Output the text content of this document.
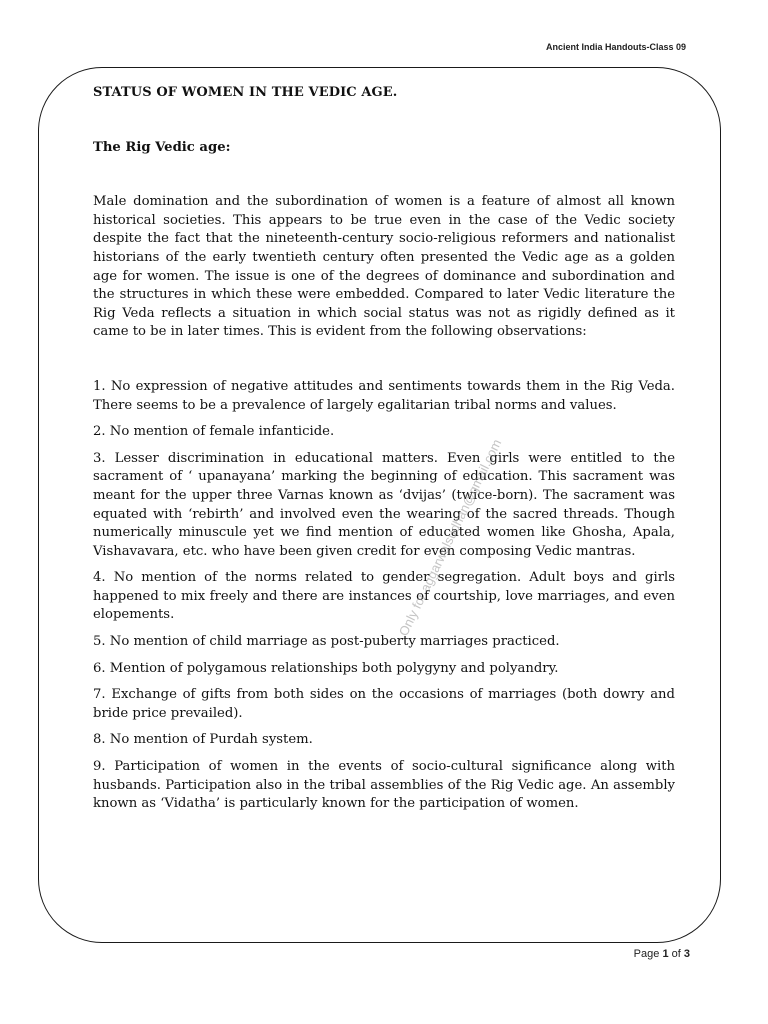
Ancient India Handouts-Class 09

STATUS OF WOMEN IN THE VEDIC AGE.

The Rig Vedic age:

Male domination and the subordination of women is a feature of almost all known historical societies. This appears to be true even in the case of the Vedic society despite the fact that the nineteenth-century socio-religious reformers and nationalist historians of the early twentieth century often presented the Vedic age as a golden age for women. The issue is one of the degrees of dominance and subordination and the structures in which these were embedded. Compared to later Vedic literature the Rig Veda reflects a situation in which social status was not as rigidly defined as it came to be in later times. This is evident from the following observations:

1. No expression of negative attitudes and sentiments towards them in the Rig Veda. There seems to be a prevalence of largely egalitarian tribal norms and values.
2. No mention of female infanticide.
3. Lesser discrimination in educational matters. Even girls were entitled to the sacrament of ‘ upanayana’ marking the beginning of education. This sacrament was meant for the upper three Varnas known as ‘dvijas’ (twice-born). The sacrament was equated with ‘rebirth’ and involved even the wearing of the sacred threads. Though numerically minuscule yet we find mention of educated women like Ghosha, Apala, Vishavavara, etc. who have been given credit for even composing Vedic mantras.
4. No mention of the norms related to gender segregation. Adult boys and girls happened to mix freely and there are instances of courtship, love marriages, and even elopements.
5. No mention of child marriage as post-puberty marriages practiced.
6. Mention of polygamous relationships both polygyny and polyandry.
7. Exchange of gifts from both sides on the occasions of marriages (both dowry and bride price prevailed).
8. No mention of Purdah system.
9. Participation of women in the events of socio-cultural significance along with husbands. Participation also in the tribal assemblies of the Rig Vedic age. An assembly known as ‘Vidatha’ is particularly known for the participation of women.
Only for aggarwalsudhan@gmail.com
Page 1 of 3
